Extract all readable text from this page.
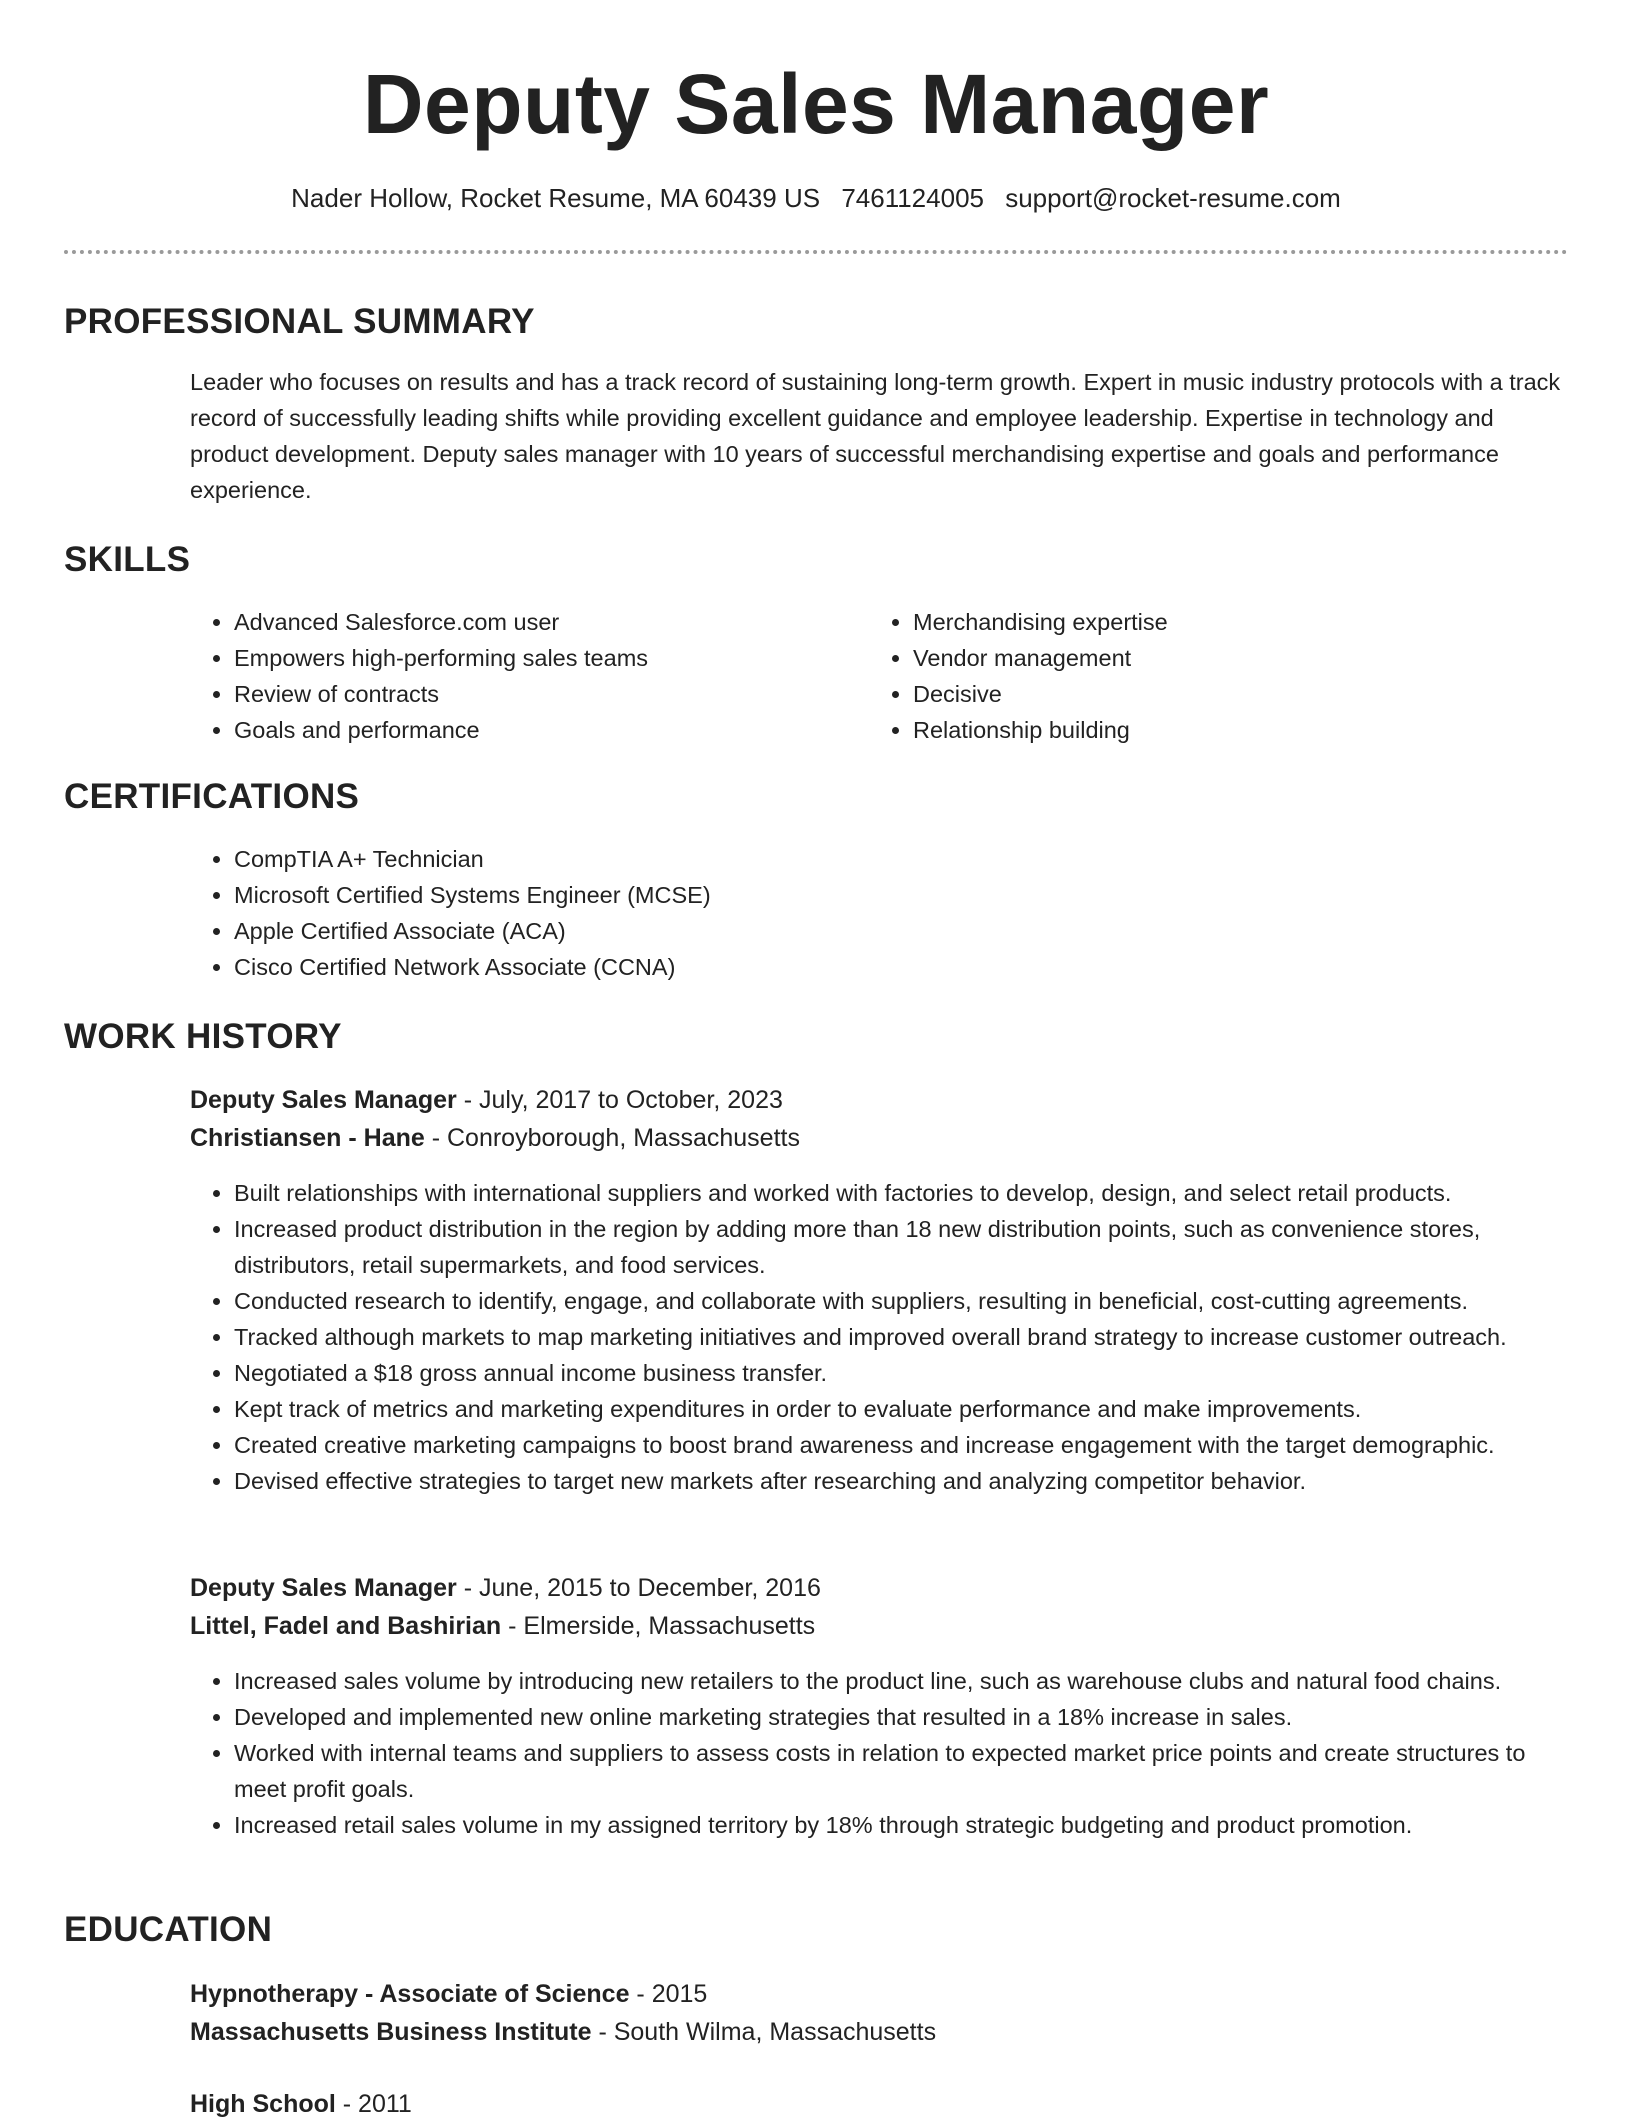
Deputy Sales Manager
Nader Hollow, Rocket Resume, MA 60439 US 7461124005 support@rocket-resume.com
PROFESSIONAL SUMMARY

Leader who focuses on results and has a track record of sustaining long-term growth. Expert in music industry protocols with a track record of successfully leading shifts while providing excellent guidance and employee leadership. Expertise in technology and product development. Deputy sales manager with 10 years of successful merchandising expertise and goals and performance experience.

SKILLS
• Advanced Salesforce.com user
• Empowers high-performing sales teams
• Review of contracts
• Goals and performance
• Merchandising expertise
• Vendor management
• Decisive
• Relationship building
CERTIFICATIONS
• CompTIA A+ Technician
• Microsoft Certified Systems Engineer (MCSE)
• Apple Certified Associate (ACA)
• Cisco Certified Network Associate (CCNA)
WORK HISTORY
Deputy Sales Manager - July, 2017 to October, 2023
Christiansen - Hane - Conroyborough, Massachusetts
• Built relationships with international suppliers and worked with factories to develop, design, and select retail products.
• Increased product distribution in the region by adding more than 18 new distribution points, such as convenience stores, distributors, retail supermarkets, and food services.
• Conducted research to identify, engage, and collaborate with suppliers, resulting in beneficial, cost-cutting agreements.
• Tracked although markets to map marketing initiatives and improved overall brand strategy to increase customer outreach.
• Negotiated a $18 gross annual income business transfer.
• Kept track of metrics and marketing expenditures in order to evaluate performance and make improvements.
• Created creative marketing campaigns to boost brand awareness and increase engagement with the target demographic.
• Devised effective strategies to target new markets after researching and analyzing competitor behavior.
Deputy Sales Manager - June, 2015 to December, 2016
Littel, Fadel and Bashirian - Elmerside, Massachusetts
• Increased sales volume by introducing new retailers to the product line, such as warehouse clubs and natural food chains.
• Developed and implemented new online marketing strategies that resulted in a 18% increase in sales.
• Worked with internal teams and suppliers to assess costs in relation to expected market price points and create structures to meet profit goals.
• Increased retail sales volume in my assigned territory by 18% through strategic budgeting and product promotion.
EDUCATION
Hypnotherapy - Associate of Science - 2015
Massachusetts Business Institute - South Wilma, Massachusetts
High School - 2011
